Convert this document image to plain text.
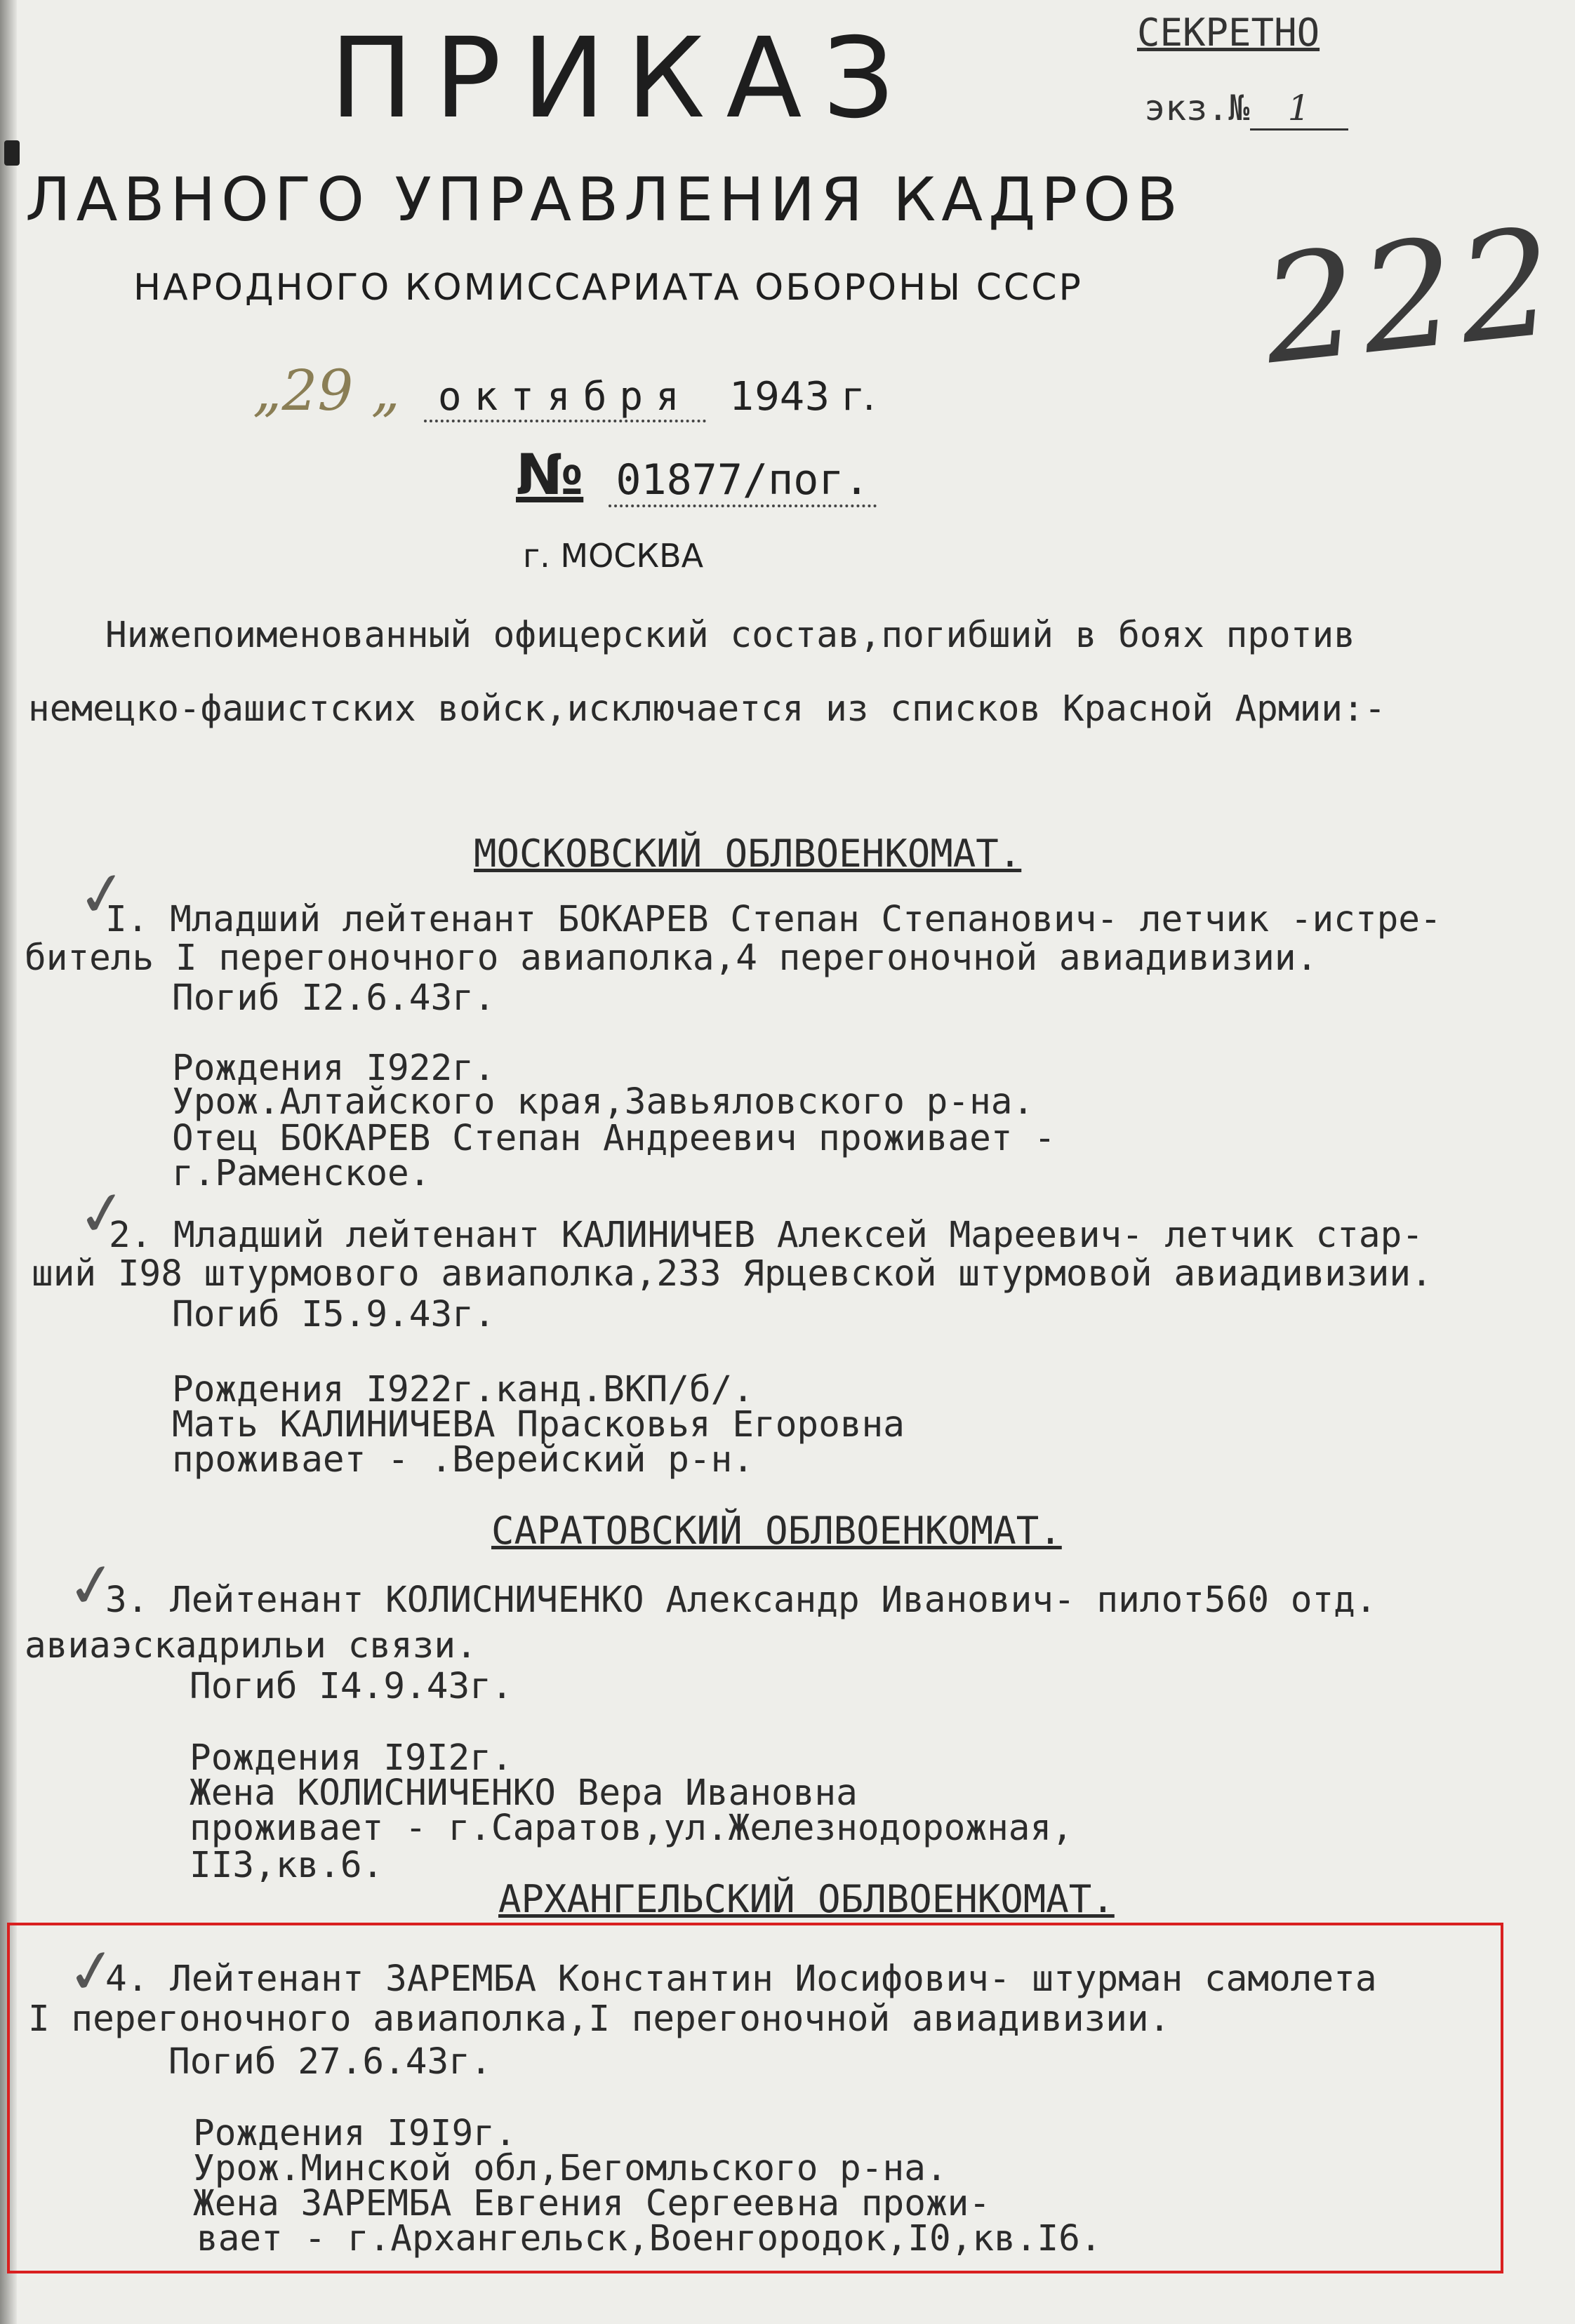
ПРИКАЗ
ЛАВНОГО УПРАВЛЕНИЯ КАДРОВ
НАРОДНОГО КОМИССАРИАТА ОБОРОНЫ СССР
СЕКРЕТНО
экз.№ 1
222
„29 „ октября 1943 г.
№ 01877/пог.
г. МОСКВА
Нижепоименованный офицерский состав,погибший в боях против
немецко-фашистских войск,исключается из списков Красной Армии:-
МОСКОВСКИЙ ОБЛВОЕНКОМАТ.
✓
I. Младший лейтенант БОКАРЕВ Степан Степанович- летчик -истре-
битель I перегоночного авиаполка,4 перегоночной авиадивизии.
Погиб I2.6.43г.
Рождения I922г.
Урож.Алтайского края,Завьяловского р-на.
Отец БОКАРЕВ Степан Андреевич проживает -
г.Раменское.
✓
2. Младший лейтенант КАЛИНИЧЕВ Алексей Мареевич- летчик стар-
ший I98 штурмового авиаполка,233 Ярцевской штурмовой авиадивизии.
Погиб I5.9.43г.
Рождения I922г.канд.ВКП/б/.
Мать КАЛИНИЧЕВА Прасковья Егоровна
проживает - .Верейский р-н.
САРАТОВСКИЙ ОБЛВОЕНКОМАТ.
✓
3. Лейтенант КОЛИСНИЧЕНКО Александр Иванович- пилот560 отд.
авиаэскадрильи связи.
Погиб I4.9.43г.
Рождения I9I2г.
Жена КОЛИСНИЧЕНКО Вера Ивановна
проживает - г.Саратов,ул.Железнодорожная,
II3,кв.6.
АРХАНГЕЛЬСКИЙ ОБЛВОЕНКОМАТ.
✓
4. Лейтенант ЗАРЕМБА Константин Иосифович- штурман самолета
I перегоночного авиаполка,I перегоночной авиадивизии.
Погиб 27.6.43г.
Рождения I9I9г.
Урож.Минской обл,Бегомльского р-на.
Жена ЗАРЕМБА Евгения Сергеевна прожи-
вает - г.Архангельск,Военгородок,I0,кв.I6.
